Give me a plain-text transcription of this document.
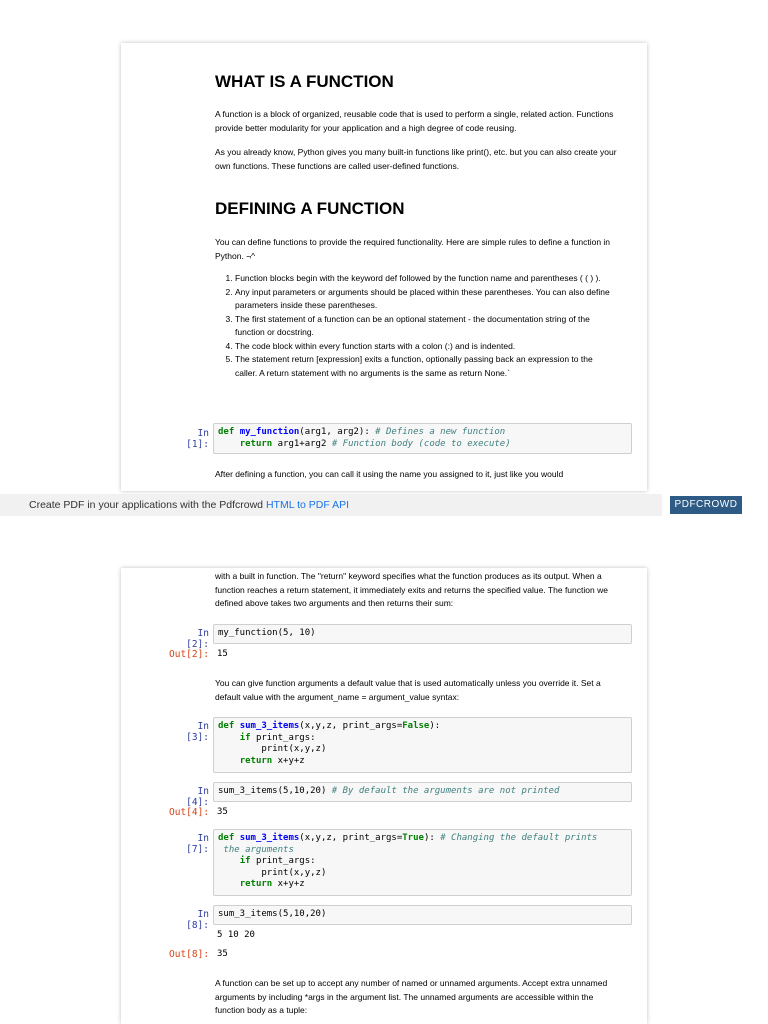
WHAT IS A FUNCTION

A function is a block of organized, reusable code that is used to perform a single, related action. Functions provide better modularity for your application and a high degree of code reusing.

As you already know, Python gives you many built-in functions like print(), etc. but you can also create your own functions. These functions are called user-defined functions.

DEFINING A FUNCTION

You can define functions to provide the required functionality. Here are simple rules to define a function in Python. ¬^

1. Function blocks begin with the keyword def followed by the function name and parentheses ( ( ) ).
2. Any input parameters or arguments should be placed within these parentheses. You can also define parameters inside these parentheses.
3. The first statement of a function can be an optional statement - the documentation string of the function or docstring.
4. The code block within every function starts with a colon (:) and is indented.
5. The statement return [expression] exits a function, optionally passing back an expression to the caller. A return statement with no arguments is the same as return None.`

After defining a function, you can call it using the name you assigned to it, just like you would

In [1]:
def my_function(arg1, arg2): # Defines a new function
return arg1+arg2 # Function body (code to execute)
Create PDF in your applications with the Pdfcrowd HTML to PDF API	PDFCROWD

with a built in function. The "return" keyword specifies what the function produces as its output. When a function reaches a return statement, it immediately exits and returns the specified value. The function we defined above takes two arguments and then returns their sum:

You can give function arguments a default value that is used automatically unless you override it. Set a default value with the argument_name = argument_value syntax:

A function can be set up to accept any number of named or unnamed arguments. Accept extra unnamed arguments by including *args in the argument list. The unnamed arguments are accessible within the function body as a tuple:

In [2]:
my_function(5, 10)
Out[2]: 15
In [3]:
def sum_3_items(x,y,z, print_args=False):
if print_args:
print(x,y,z)
return x+y+z
In [4]:
sum_3_items(5,10,20) # By default the arguments are not printed
Out[4]: 35
In [7]:
def sum_3_items(x,y,z, print_args=True): # Changing the default prints
the arguments
if print_args:
print(x,y,z)
return x+y+z
In [8]:
sum_3_items(5,10,20)
5 10 20
Out[8]: 35
